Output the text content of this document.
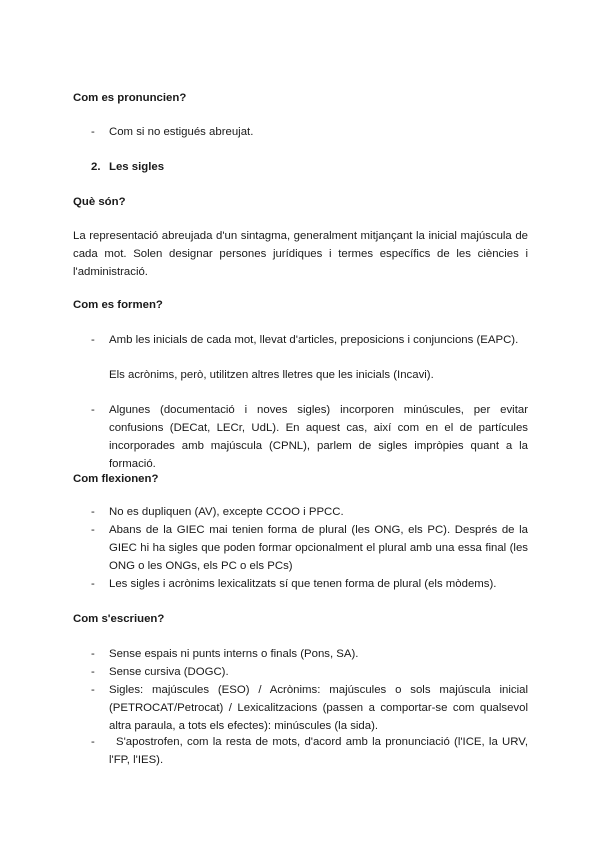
Com es pronuncien?
- Com si no estigués abreujat.
2. Les sigles
Què són?

La representació abreujada d'un sintagma, generalment mitjançant la inicial majúscula de cada mot. Solen designar persones jurídiques i termes específics de les ciències i l'administració.

Com es formen?
- Amb les inicials de cada mot, llevat d'articles, preposicions i conjuncions (EAPC).

Els acrònims, però, utilitzen altres lletres que les inicials (Incavi).

- Algunes (documentació i noves sigles) incorporen minúscules, per evitar confusions (DECat, LECr, UdL). En aquest cas, així com en el de partícules incorporades amb majúscula (CPNL), parlem de sigles impròpies quant a la formació.
Com flexionen?
- No es dupliquen (AV), excepte CCOO i PPCC.
- Abans de la GIEC mai tenien forma de plural (les ONG, els PC). Després de la GIEC hi ha sigles que poden formar opcionalment el plural amb una essa final (les ONG o les ONGs, els PC o els PCs)
- Les sigles i acrònims lexicalitzats sí que tenen forma de plural (els mòdems).
Com s'escriuen?
- Sense espais ni punts interns o finals (Pons, SA).
- Sense cursiva (DOGC).
- Sigles: majúscules (ESO) / Acrònims: majúscules o sols majúscula inicial (PETROCAT/Petrocat) / Lexicalitzacions (passen a comportar-se com qualsevol altra paraula, a tots els efectes): minúscules (la sida).
-	S'apostrofen, com la resta de mots, d'acord amb la pronunciació (l'ICE, la URV, l'FP, l'IES).
